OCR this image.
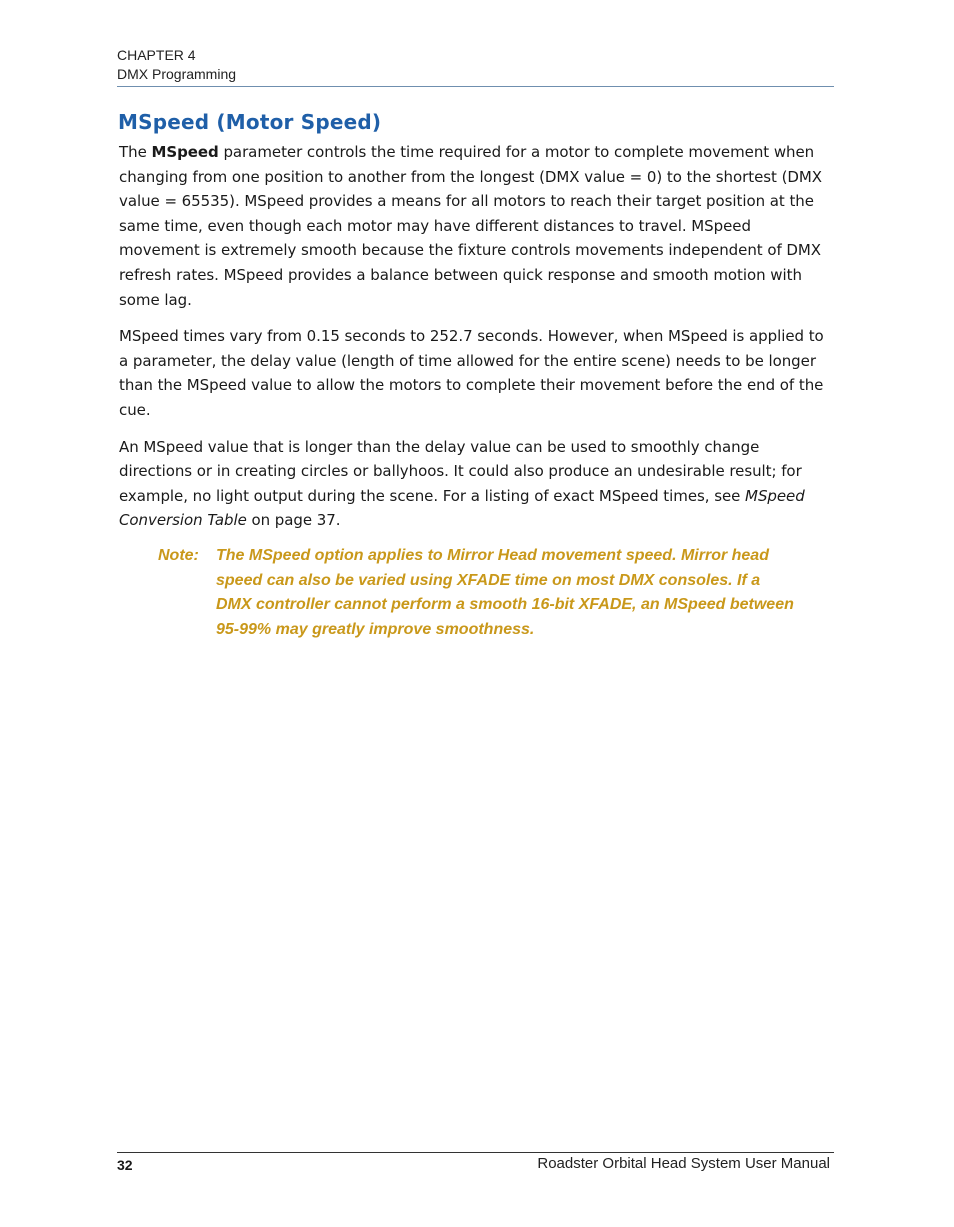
CHAPTER 4
DMX Programming
MSpeed (Motor Speed)

The MSpeed parameter controls the time required for a motor to complete movement when changing from one position to another from the longest (DMX value = 0) to the shortest (DMX value = 65535). MSpeed provides a means for all motors to reach their target position at the same time, even though each motor may have different distances to travel. MSpeed movement is extremely smooth because the fixture controls movements independent of DMX refresh rates. MSpeed provides a balance between quick response and smooth motion with some lag.

MSpeed times vary from 0.15 seconds to 252.7 seconds. However, when MSpeed is applied to a parameter, the delay value (length of time allowed for the entire scene) needs to be longer than the MSpeed value to allow the motors to complete their movement before the end of the cue.

An MSpeed value that is longer than the delay value can be used to smoothly change directions or in creating circles or ballyhoos. It could also produce an undesirable result; for example, no light output during the scene. For a listing of exact MSpeed times, see MSpeed Conversion Table on page 37.

Note: The MSpeed option applies to Mirror Head movement speed. Mirror head speed can also be varied using XFADE time on most DMX consoles. If a DMX controller cannot perform a smooth 16-bit XFADE, an MSpeed between 95-99% may greatly improve smoothness.
32	Roadster Orbital Head System User Manual
